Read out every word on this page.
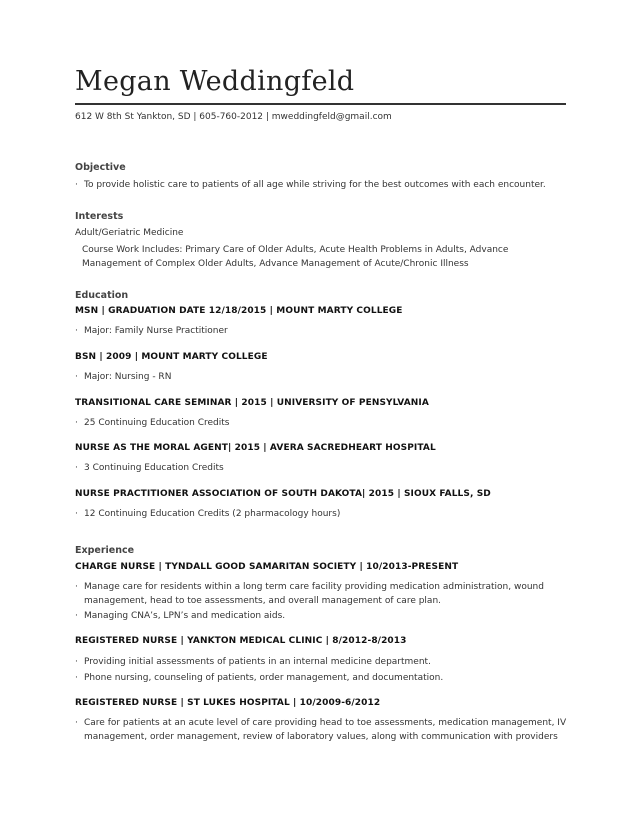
Megan Weddingfeld
612 W 8th St Yankton, SD | 605-760-2012 | mweddingfeld@gmail.com
Objective
· To provide holistic care to patients of all age while striving for the best outcomes with each encounter.
Interests
Adult/Geriatric Medicine
Course Work Includes: Primary Care of Older Adults, Acute Health Problems in Adults, Advance Management of Complex Older Adults, Advance Management of Acute/Chronic Illness
Education
MSN | GRADUATION DATE 12/18/2015 | MOUNT MARTY COLLEGE
· Major: Family Nurse Practitioner
BSN | 2009 | MOUNT MARTY COLLEGE
· Major: Nursing - RN
TRANSITIONAL CARE SEMINAR | 2015 | UNIVERSITY OF PENSYLVANIA
· 25 Continuing Education Credits
NURSE AS THE MORAL AGENT| 2015 | AVERA SACREDHEART HOSPITAL
· 3 Continuing Education Credits
NURSE PRACTITIONER ASSOCIATION OF SOUTH DAKOTA| 2015 | SIOUX FALLS, SD
· 12 Continuing Education Credits (2 pharmacology hours)
Experience
CHARGE NURSE | TYNDALL GOOD SAMARITAN SOCIETY | 10/2013-PRESENT
· Manage care for residents within a long term care facility providing medication administration, wound management, head to toe assessments, and overall management of care plan.
· Managing CNA’s, LPN’s and medication aids.
REGISTERED NURSE | YANKTON MEDICAL CLINIC | 8/2012-8/2013
· Providing initial assessments of patients in an internal medicine department.
· Phone nursing, counseling of patients, order management, and documentation.
REGISTERED NURSE | ST LUKES HOSPITAL | 10/2009-6/2012
· Care for patients at an acute level of care providing head to toe assessments, medication management, IV management, order management, review of laboratory values, along with communication with providers
